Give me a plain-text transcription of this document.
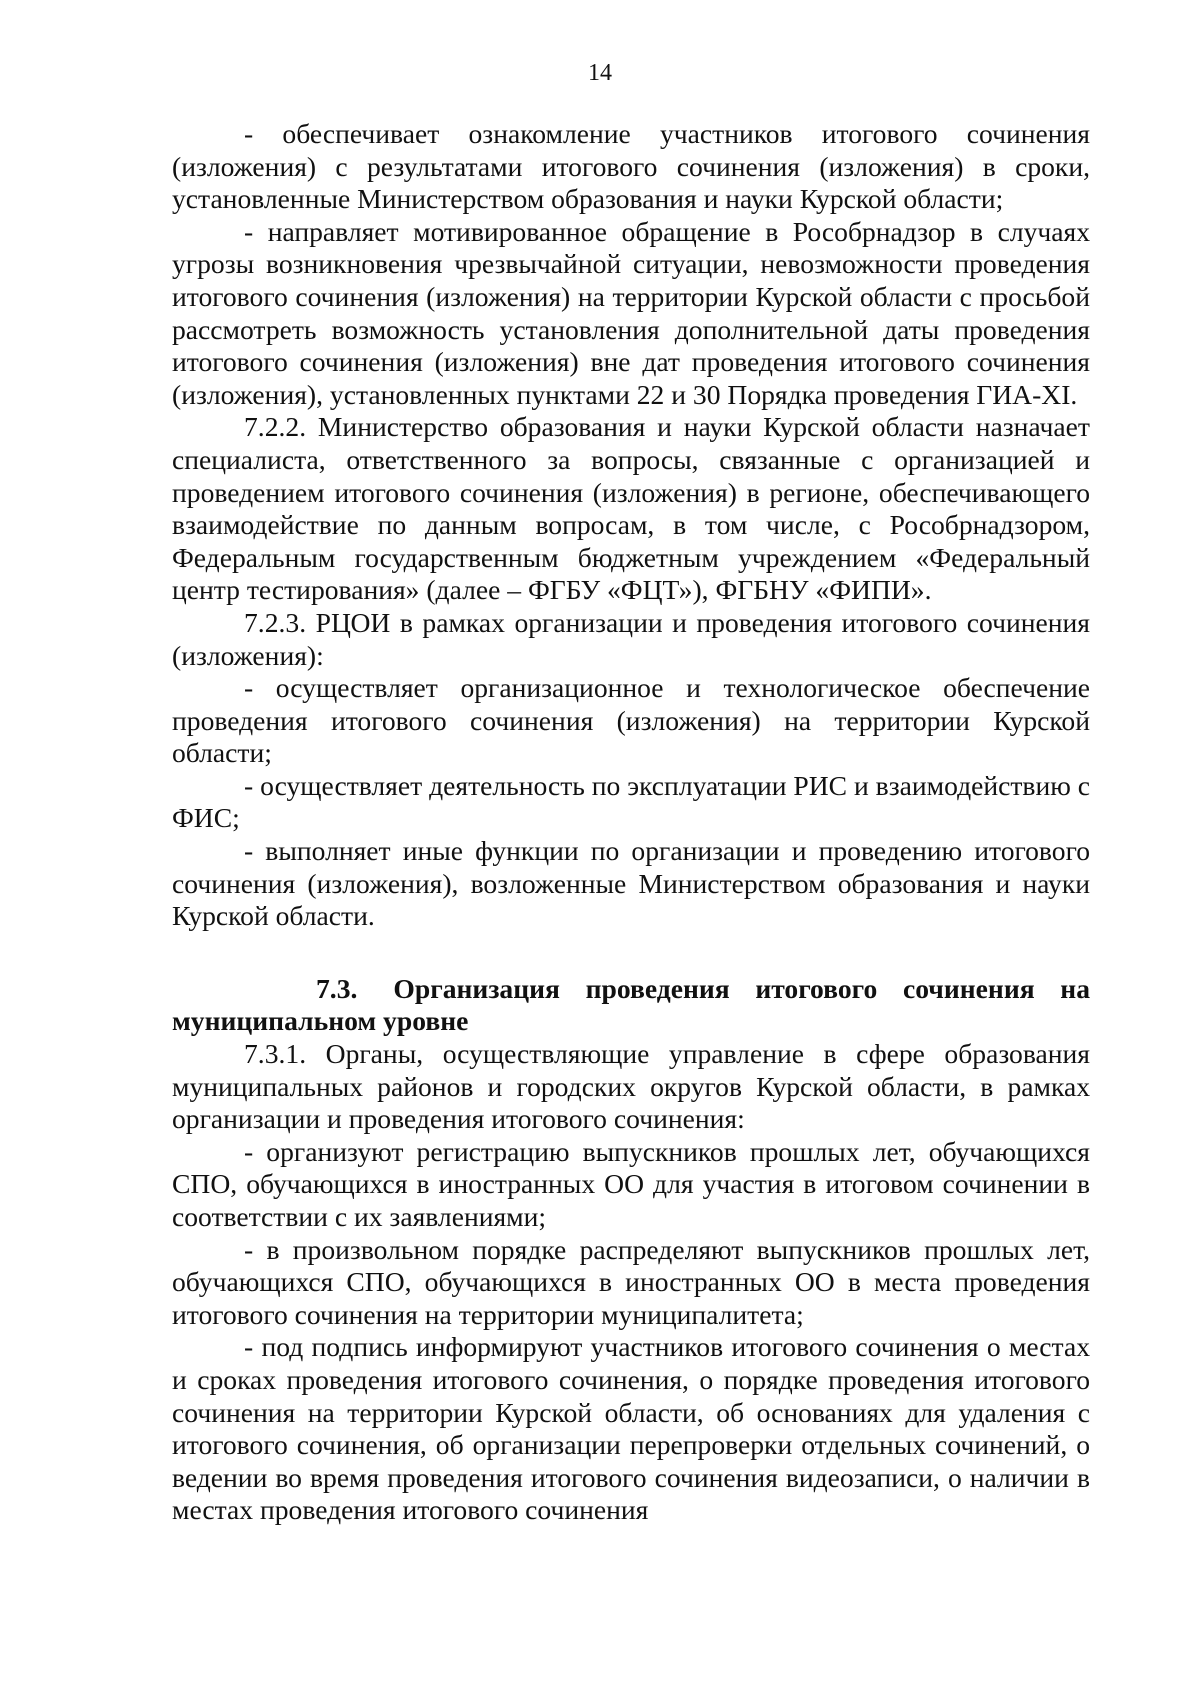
14

- обеспечивает ознакомление участников итогового сочинения (изложения) с результатами итогового сочинения (изложения) в сроки, установленные Министерством образования и науки Курской области;

- направляет мотивированное обращение в Рособрнадзор в случаях угрозы возникновения чрезвычайной ситуации, невозможности проведения итогового сочинения (изложения) на территории Курской области с просьбой рассмотреть возможность установления дополнительной даты проведения итогового сочинения (изложения) вне дат проведения итогового сочинения (изложения), установленных пунктами 22 и 30 Порядка проведения ГИА-XI.

7.2.2. Министерство образования и науки Курской области назначает специалиста, ответственного за вопросы, связанные с организацией и проведением итогового сочинения (изложения) в регионе, обеспечивающего взаимодействие по данным вопросам, в том числе, с Рособрнадзором, Федеральным государственным бюджетным учреждением «Федеральный центр тестирования» (далее – ФГБУ «ФЦТ»), ФГБНУ «ФИПИ».

7.2.3. РЦОИ в рамках организации и проведения итогового сочинения (изложения):

- осуществляет организационное и технологическое обеспечение проведения итогового сочинения (изложения) на территории Курской области;

- осуществляет деятельность по эксплуатации РИС и взаимодействию с ФИС;

- выполняет иные функции по организации и проведению итогового сочинения (изложения), возложенные Министерством образования и науки Курской области.

7.3. Организация проведения итогового сочинения на муниципальном уровне

7.3.1. Органы, осуществляющие управление в сфере образования муниципальных районов и городских округов Курской области, в рамках организации и проведения итогового сочинения:

- организуют регистрацию выпускников прошлых лет, обучающихся СПО, обучающихся в иностранных ОО для участия в итоговом сочинении в соответствии с их заявлениями;

- в произвольном порядке распределяют выпускников прошлых лет, обучающихся СПО, обучающихся в иностранных ОО в места проведения итогового сочинения на территории муниципалитета;

- под подпись информируют участников итогового сочинения о местах и сроках проведения итогового сочинения, о порядке проведения итогового сочинения на территории Курской области, об основаниях для удаления с итогового сочинения, об организации перепроверки отдельных сочинений, о ведении во время проведения итогового сочинения видеозаписи, о наличии в местах проведения итогового сочинения
